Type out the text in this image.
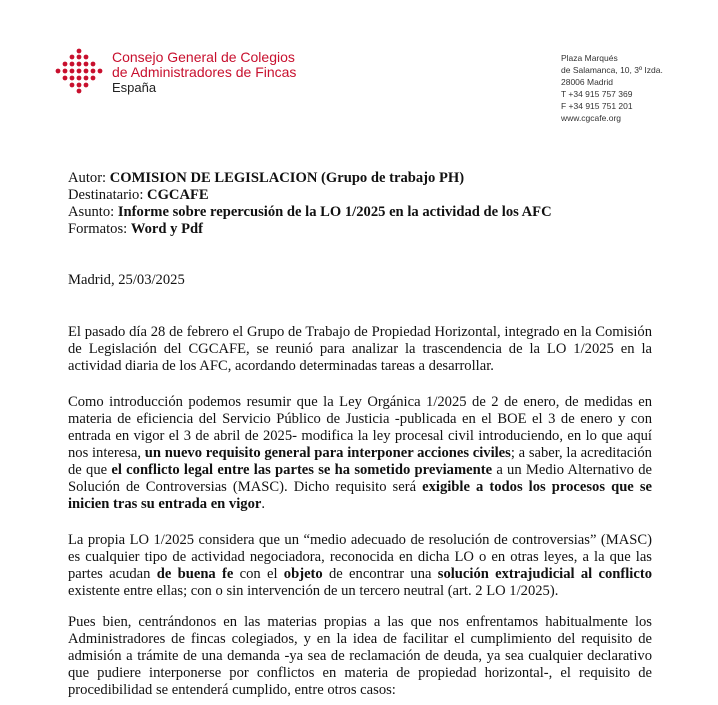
Consejo General de Colegios
de Administradores de Fincas
España
Plaza Marqués
de Salamanca, 10, 3º Izda.
28006 Madrid
T +34 915 757 369
F +34 915 751 201
www.cgcafe.org
Autor: COMISION DE LEGISLACION (Grupo de trabajo PH)
Destinatario: CGCAFE
Asunto: Informe sobre repercusión de la LO 1/2025 en la actividad de los AFC
Formatos: Word y Pdf
Madrid, 25/03/2025
El pasado día 28 de febrero el Grupo de Trabajo de Propiedad Horizontal, integrado en la Comisión de Legislación del CGCAFE, se reunió para analizar la trascendencia de la LO 1/2025 en la actividad diaria de los AFC, acordando determinadas tareas a desarrollar.
Como introducción podemos resumir que la Ley Orgánica 1/2025 de 2 de enero, de medidas en materia de eficiencia del Servicio Público de Justicia -publicada en el BOE el 3 de enero y con entrada en vigor el 3 de abril de 2025- modifica la ley procesal civil introduciendo, en lo que aquí nos interesa, un nuevo requisito general para interponer acciones civiles; a saber, la acreditación de que el conflicto legal entre las partes se ha sometido previamente a un Medio Alternativo de Solución de Controversias (MASC). Dicho requisito será exigible a todos los procesos que se inicien tras su entrada en vigor.
La propia LO 1/2025 considera que un “medio adecuado de resolución de controversias” (MASC) es cualquier tipo de actividad negociadora, reconocida en dicha LO o en otras leyes, a la que las partes acudan de buena fe con el objeto de encontrar una solución extrajudicial al conflicto existente entre ellas; con o sin intervención de un tercero neutral (art. 2 LO 1/2025).
Pues bien, centrándonos en las materias propias a las que nos enfrentamos habitualmente los Administradores de fincas colegiados, y en la idea de facilitar el cumplimiento del requisito de admisión a trámite de una demanda -ya sea de reclamación de deuda, ya sea cualquier declarativo que pudiere interponerse por conflictos en materia de propiedad horizontal-, el requisito de procedibilidad se entenderá cumplido, entre otros casos:
